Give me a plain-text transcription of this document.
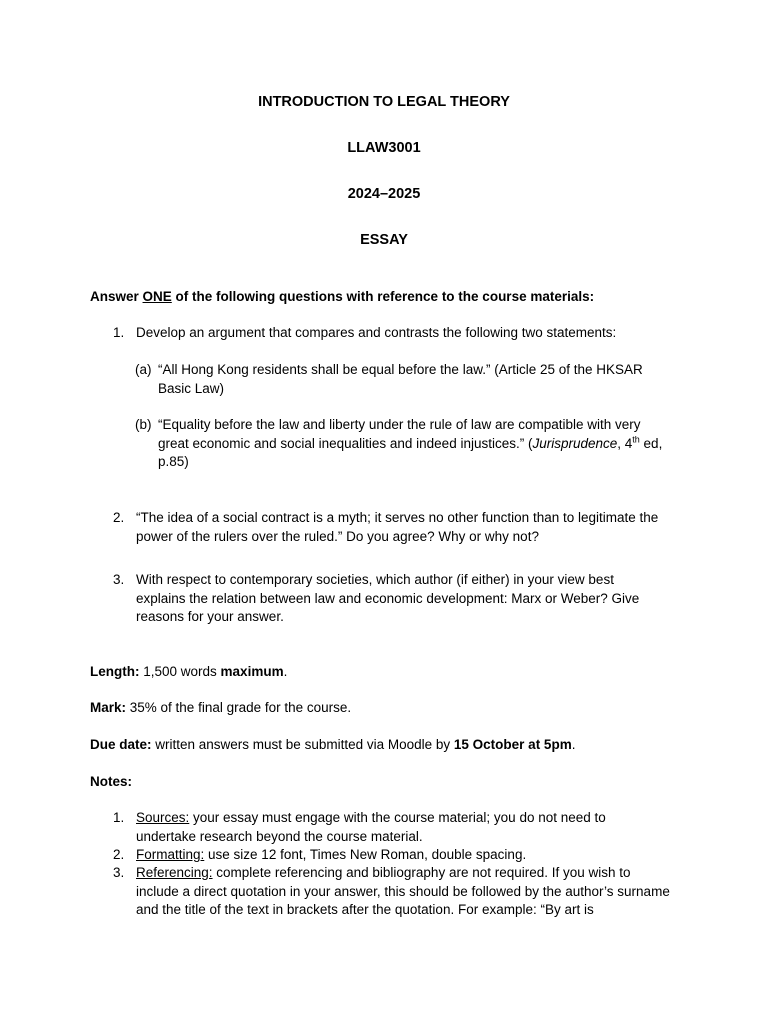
INTRODUCTION TO LEGAL THEORY
LLAW3001
2024–2025
ESSAY
Answer ONE of the following questions with reference to the course materials:
1. Develop an argument that compares and contrasts the following two statements:
(a) “All Hong Kong residents shall be equal before the law.” (Article 25 of the HKSAR Basic Law)
(b) “Equality before the law and liberty under the rule of law are compatible with very great economic and social inequalities and indeed injustices.” (Jurisprudence, 4th ed, p.85)
2. “The idea of a social contract is a myth; it serves no other function than to legitimate the power of the rulers over the ruled.” Do you agree? Why or why not?
3. With respect to contemporary societies, which author (if either) in your view best explains the relation between law and economic development: Marx or Weber? Give reasons for your answer.
Length: 1,500 words maximum.
Mark: 35% of the final grade for the course.
Due date: written answers must be submitted via Moodle by 15 October at 5pm.
Notes:
1. Sources: your essay must engage with the course material; you do not need to undertake research beyond the course material.
2. Formatting: use size 12 font, Times New Roman, double spacing.
3. Referencing: complete referencing and bibliography are not required. If you wish to include a direct quotation in your answer, this should be followed by the author’s surname and the title of the text in brackets after the quotation. For example: “By art is
